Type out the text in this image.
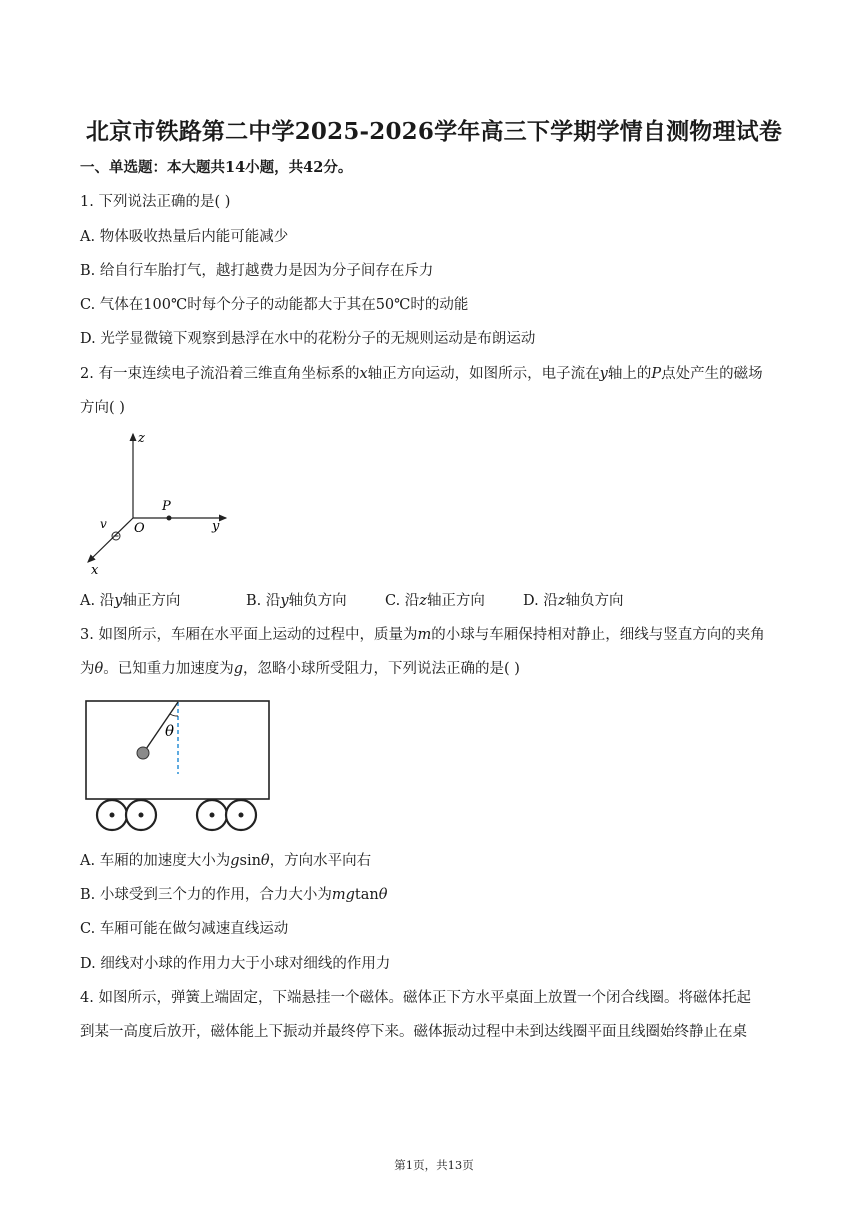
北京市铁路第二中学2025-2026学年高三下学期学情自测物理试卷
一、单选题：本大题共14小题，共42分。
1. 下列说法正确的是( )
A. 物体吸收热量后内能可能减少
B. 给自行车胎打气，越打越费力是因为分子间存在斥力
C. 气体在100℃时每个分子的动能都大于其在50℃时的动能
D. 光学显微镜下观察到悬浮在水中的花粉分子的无规则运动是布朗运动
2. 有一束连续电子流沿着三维直角坐标系的x轴正方向运动，如图所示，电子流在y轴上的P点处产生的磁场
方向( )
z
y
x
O
P
v
A. 沿y轴正方向	B. 沿y轴负方向	C. 沿z轴正方向	D. 沿z轴负方向
3. 如图所示，车厢在水平面上运动的过程中，质量为m的小球与车厢保持相对静止，细线与竖直方向的夹角
为θ。已知重力加速度为g，忽略小球所受阻力，下列说法正确的是( )
θ
A. 车厢的加速度大小为gsinθ，方向水平向右
B. 小球受到三个力的作用，合力大小为mgtanθ
C. 车厢可能在做匀减速直线运动
D. 细线对小球的作用力大于小球对细线的作用力
4. 如图所示，弹簧上端固定，下端悬挂一个磁体。磁体正下方水平桌面上放置一个闭合线圈。将磁体托起
到某一高度后放开，磁体能上下振动并最终停下来。磁体振动过程中未到达线圈平面且线圈始终静止在桌
第1页，共13页
